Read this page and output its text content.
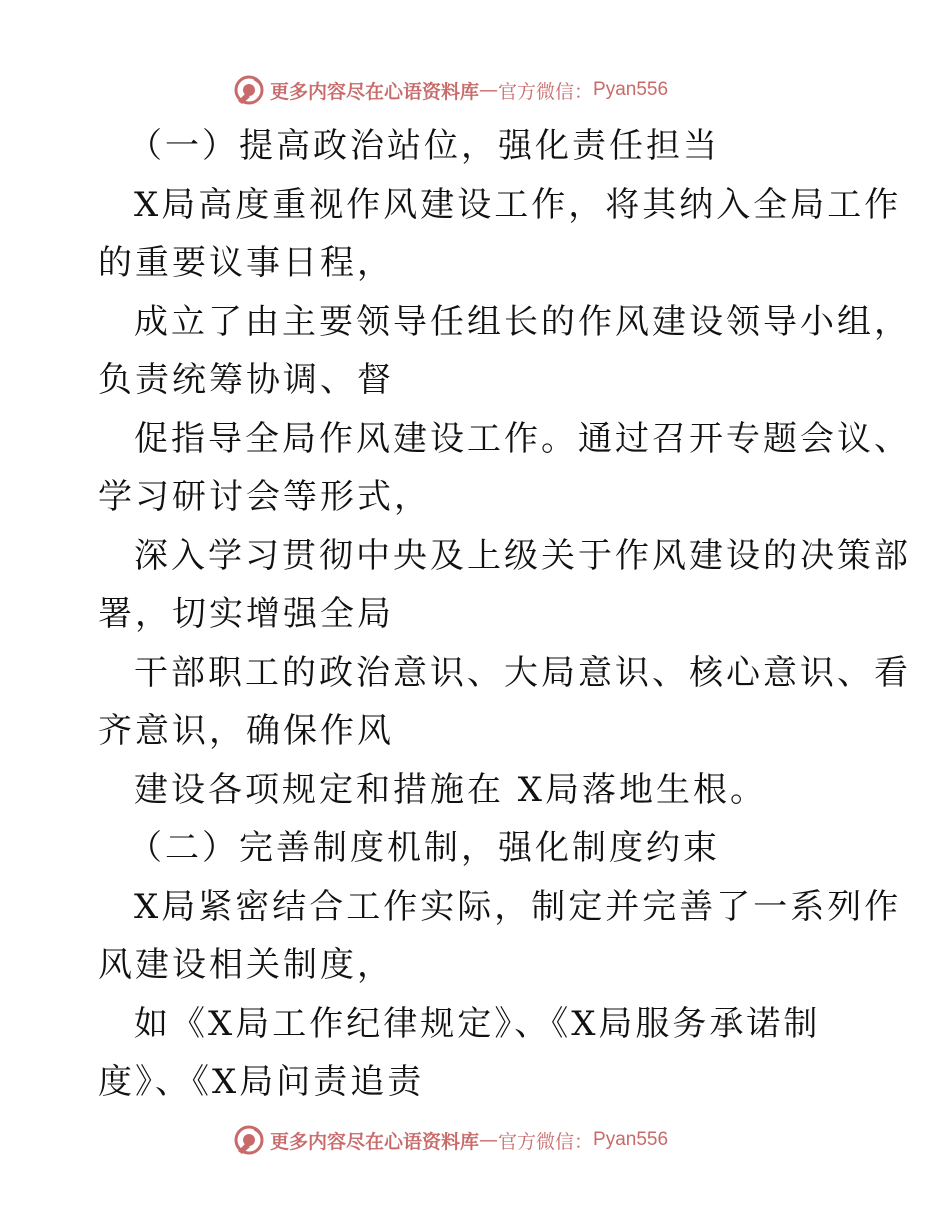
更多内容尽在心语资料库 — 官方微信： Pyan556
（一）提高政治站位，强化责任担当
X局高度重视作风建设工作，将其纳入全局工作
的重要议事日程，
成立了由主要领导任组长的作风建设领导小组，
负责统筹协调、督
促指导全局作风建设工作。通过召开专题会议、
学习研讨会等形式，
深入学习贯彻中央及上级关于作风建设的决策部
署，切实增强全局
干部职工的政治意识、大局意识、核心意识、看
齐意识，确保作风
建设各项规定和措施在 X局落地生根。
（二）完善制度机制，强化制度约束
X局紧密结合工作实际，制定并完善了一系列作
风建设相关制度，
如《X局工作纪律规定》、《X局服务承诺制
度》、《X局问责追责
更多内容尽在心语资料库 — 官方微信： Pyan556
